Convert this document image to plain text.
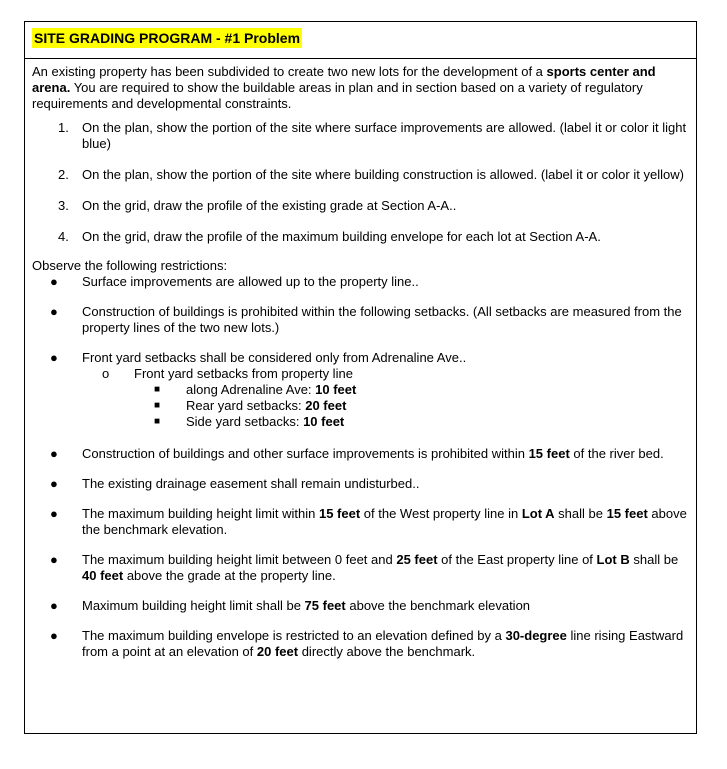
SITE GRADING PROGRAM - #1 Problem

An existing property has been subdivided to create two new lots for the development of a sports center and arena. You are required to show the buildable areas in plan and in section based on a variety of regulatory requirements and developmental constraints.

1. On the plan, show the portion of the site where surface improvements are allowed. (label it or color it light blue)
2. On the plan, show the portion of the site where building construction is allowed. (label it or color it yellow)
3. On the grid, draw the profile of the existing grade at Section A-A..
4. On the grid, draw the profile of the maximum building envelope for each lot at Section A-A.

Observe the following restrictions:

● Surface improvements are allowed up to the property line..
● Construction of buildings is prohibited within the following setbacks. (All setbacks are measured from the property lines of the two new lots.)
● Front yard setbacks shall be considered only from Adrenaline Ave..
o Front yard setbacks from property line
■ along Adrenaline Ave: 10 feet
■ Rear yard setbacks: 20 feet
■ Side yard setbacks: 10 feet
● Construction of buildings and other surface improvements is prohibited within 15 feet of the river bed.
● The existing drainage easement shall remain undisturbed..
● The maximum building height limit within 15 feet of the West property line in Lot A shall be 15 feet above the benchmark elevation.
● The maximum building height limit between 0 feet and 25 feet of the East property line of Lot B shall be 40 feet above the grade at the property line.
● Maximum building height limit shall be 75 feet above the benchmark elevation
● The maximum building envelope is restricted to an elevation defined by a 30-degree line rising Eastward from a point at an elevation of 20 feet directly above the benchmark.
